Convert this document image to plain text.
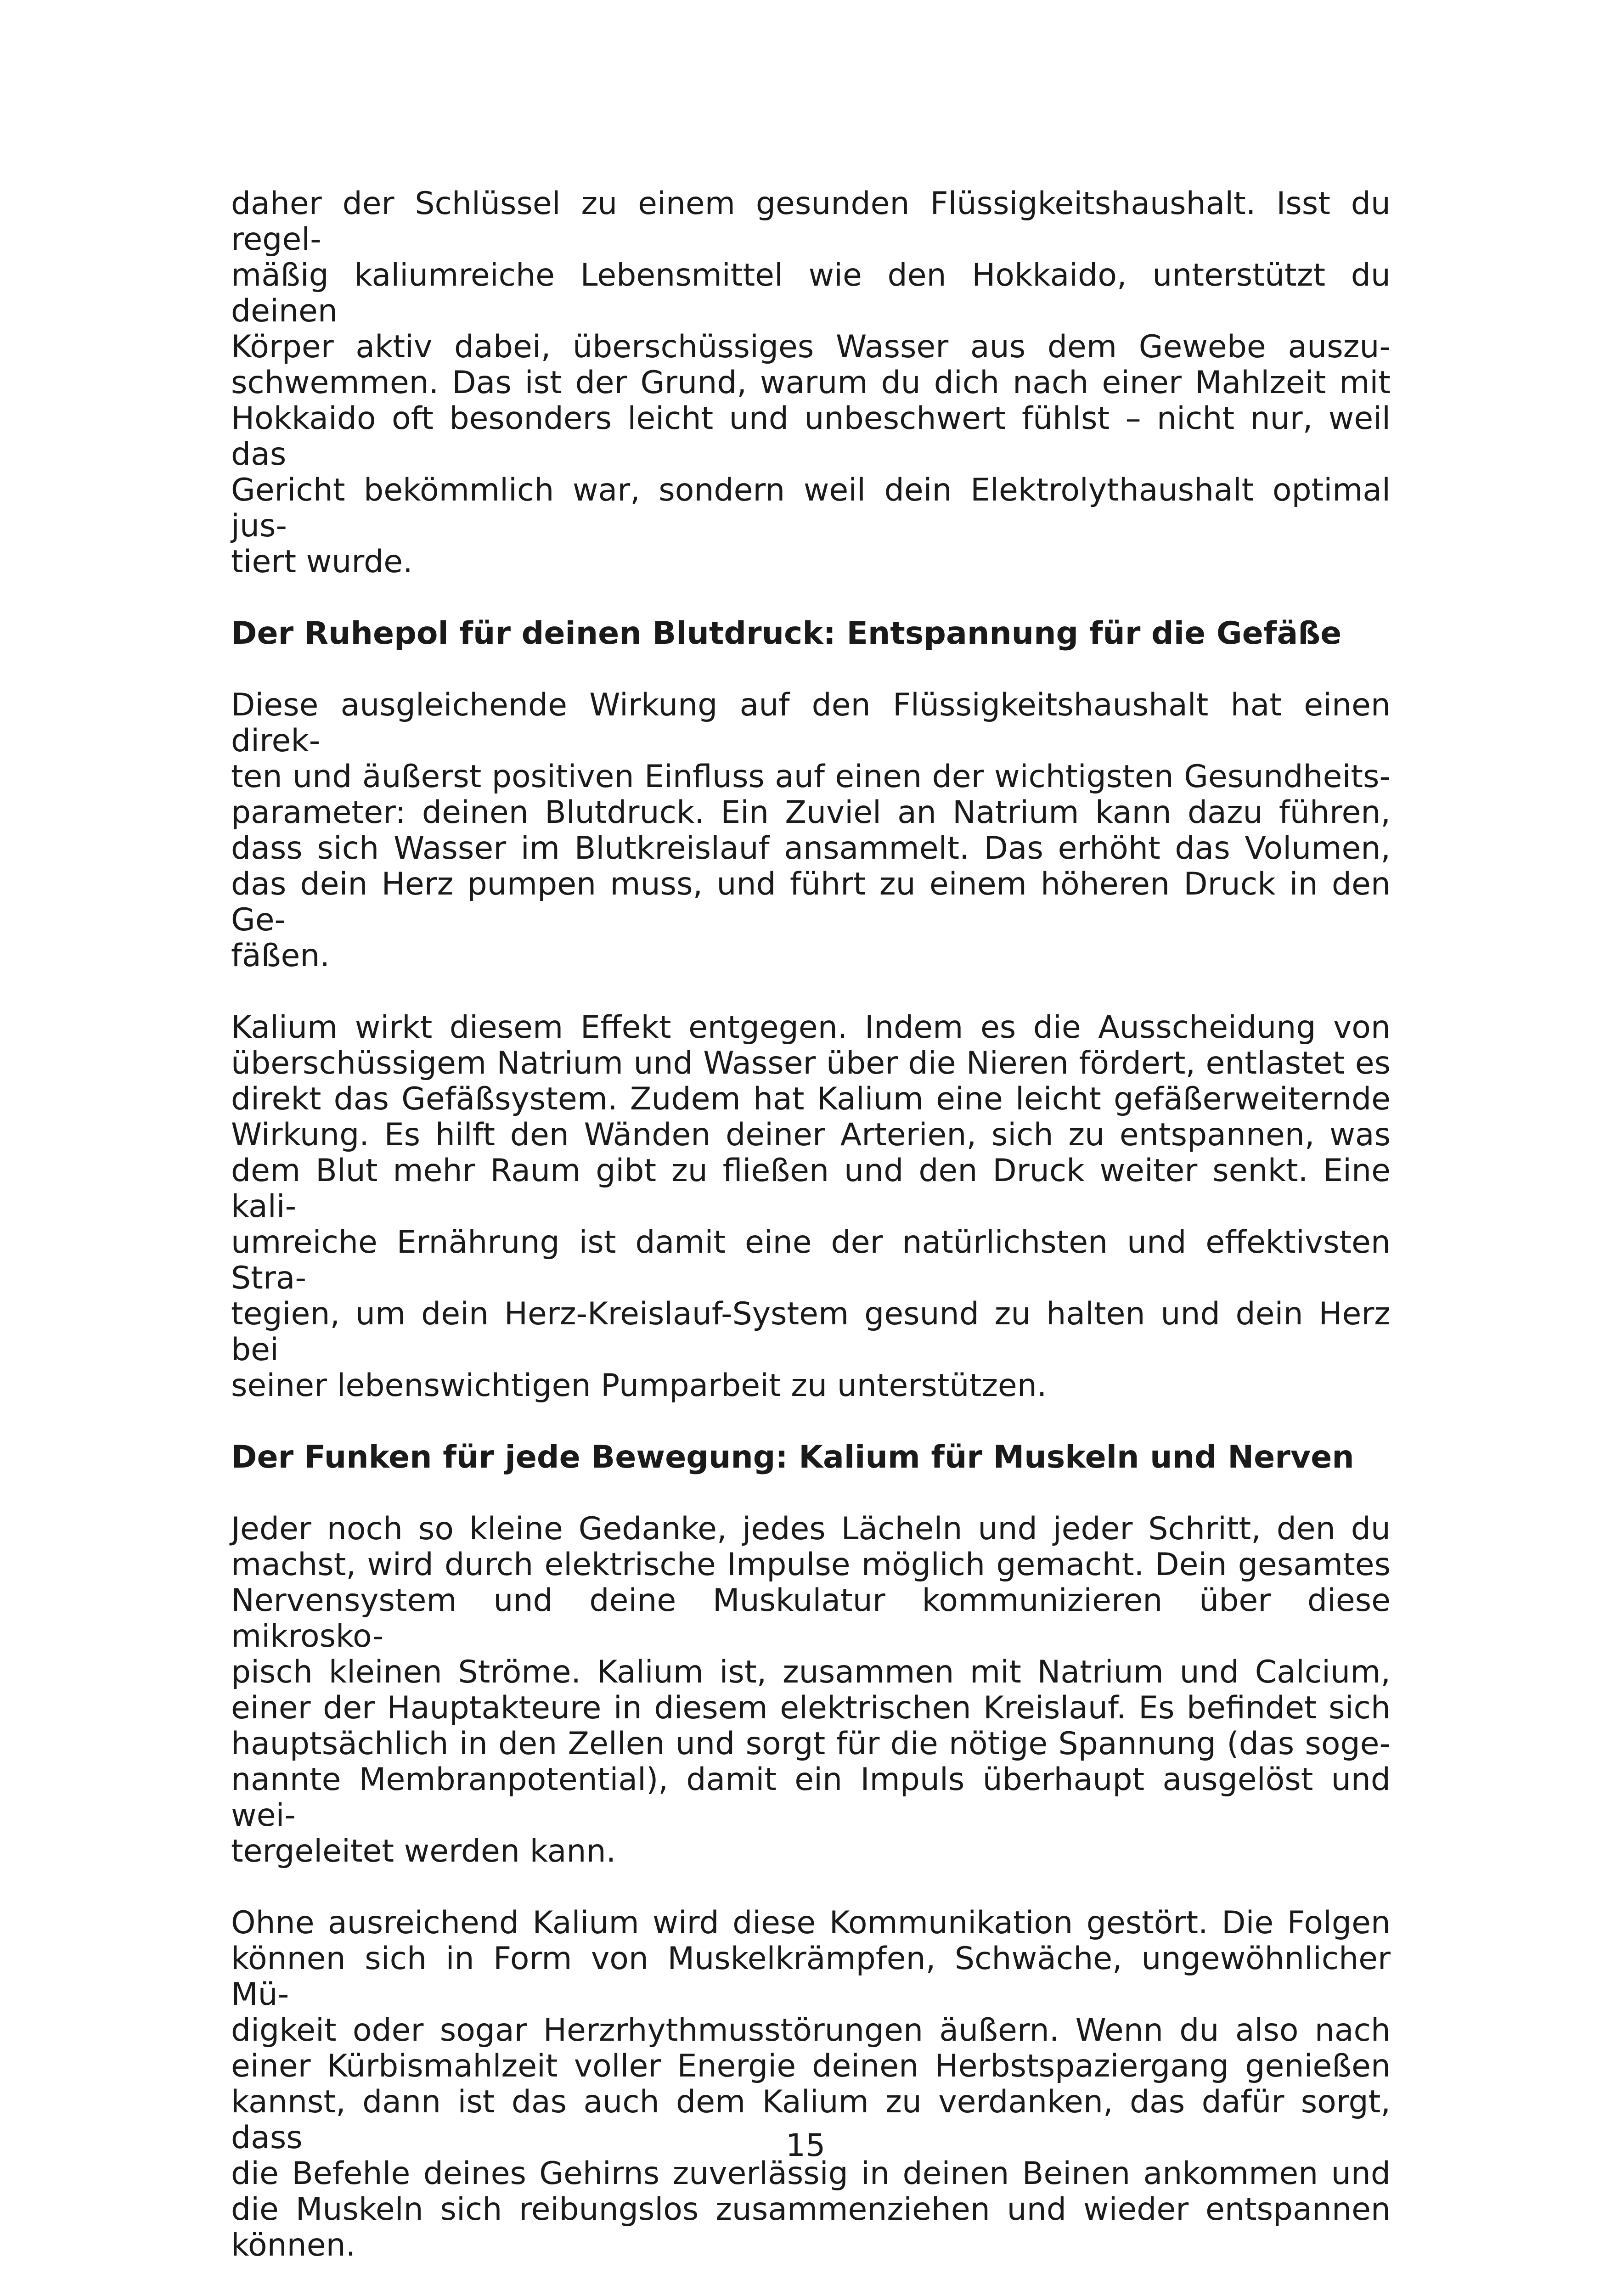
daher der Schlüssel zu einem gesunden Flüssigkeitshaushalt. Isst du regel-
mäßig kaliumreiche Lebensmittel wie den Hokkaido, unterstützt du deinen
Körper aktiv dabei, überschüssiges Wasser aus dem Gewebe auszu-
schwemmen. Das ist der Grund, warum du dich nach einer Mahlzeit mit
Hokkaido oft besonders leicht und unbeschwert fühlst – nicht nur, weil das
Gericht bekömmlich war, sondern weil dein Elektrolythaushalt optimal jus-
tiert wurde.
Der Ruhepol für deinen Blutdruck: Entspannung für die Gefäße
Diese ausgleichende Wirkung auf den Flüssigkeitshaushalt hat einen direk-
ten und äußerst positiven Einfluss auf einen der wichtigsten Gesundheits-
parameter: deinen Blutdruck. Ein Zuviel an Natrium kann dazu führen,
dass sich Wasser im Blutkreislauf ansammelt. Das erhöht das Volumen,
das dein Herz pumpen muss, und führt zu einem höheren Druck in den Ge-
fäßen.
Kalium wirkt diesem Effekt entgegen. Indem es die Ausscheidung von
überschüssigem Natrium und Wasser über die Nieren fördert, entlastet es
direkt das Gefäßsystem. Zudem hat Kalium eine leicht gefäßerweiternde
Wirkung. Es hilft den Wänden deiner Arterien, sich zu entspannen, was
dem Blut mehr Raum gibt zu fließen und den Druck weiter senkt. Eine kali-
umreiche Ernährung ist damit eine der natürlichsten und effektivsten Stra-
tegien, um dein Herz-Kreislauf-System gesund zu halten und dein Herz bei
seiner lebenswichtigen Pumparbeit zu unterstützen.
Der Funken für jede Bewegung: Kalium für Muskeln und Nerven
Jeder noch so kleine Gedanke, jedes Lächeln und jeder Schritt, den du
machst, wird durch elektrische Impulse möglich gemacht. Dein gesamtes
Nervensystem und deine Muskulatur kommunizieren über diese mikrosko-
pisch kleinen Ströme. Kalium ist, zusammen mit Natrium und Calcium,
einer der Hauptakteure in diesem elektrischen Kreislauf. Es befindet sich
hauptsächlich in den Zellen und sorgt für die nötige Spannung (das soge-
nannte Membranpotential), damit ein Impuls überhaupt ausgelöst und wei-
tergeleitet werden kann.
Ohne ausreichend Kalium wird diese Kommunikation gestört. Die Folgen
können sich in Form von Muskelkrämpfen, Schwäche, ungewöhnlicher Mü-
digkeit oder sogar Herzrhythmusstörungen äußern. Wenn du also nach
einer Kürbismahlzeit voller Energie deinen Herbstspaziergang genießen
kannst, dann ist das auch dem Kalium zu verdanken, das dafür sorgt, dass
die Befehle deines Gehirns zuverlässig in deinen Beinen ankommen und
die Muskeln sich reibungslos zusammenziehen und wieder entspannen
können.
15
